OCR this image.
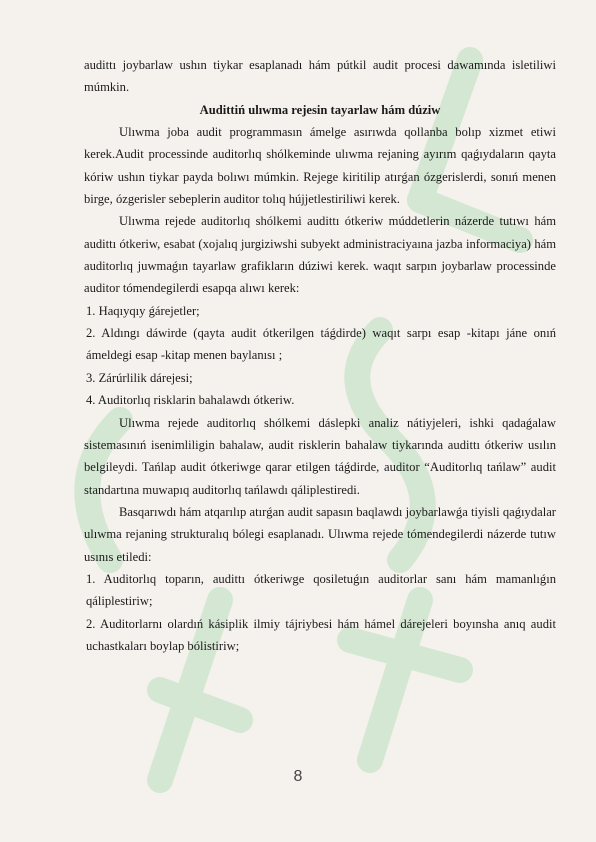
audittı joybarlaw ushın tiykar esaplanadı hám pútkil audit procesi dawamında isletiliwi múmkin.

Audittiń ulıwma rejesin tayarlaw hám dúziw

Ulıwma joba audit programmasın ámelge asırıwda qollanba bolıp xizmet etiwi kerek.Audit processinde auditorlıq shólkeminde ulıwma rejaning ayırım qaǵıydaların qayta kóriw ushın tiykar payda bolıwı múmkin. Rejege kiritilip atırǵan ózgerislerdi, sonıń menen birge, ózgerisler sebeplerin auditor tolıq hújjetlestiriliwi kerek.

Ulıwma rejede auditorlıq shólkemi audittı ótkeriw múddetlerin názerde tutıwı hám audittı ótkeriw, esabat (xojalıq jurgiziwshi subyekt administraciyaına jazba informaciya) hám auditorlıq juwmaǵın tayarlaw grafikların dúziwi kerek. waqıt sarpın joybarlaw processinde auditor tómendegilerdi esapqa alıwı kerek:

1. Haqıyqıy ǵárejetler;

2. Aldıngı dáwirde (qayta audit ótkerilgen táǵdirde) waqıt sarpı esap -kitapı jáne onıń ámeldegi esap -kitap menen baylanısı ;

3. Zárúrlilik dárejesi;

4. Auditorlıq risklarin bahalawdı ótkeriw.

Ulıwma rejede auditorlıq shólkemi dáslepki analiz nátiyjeleri, ishki qadaǵalaw sistemasınıń isenimliligin bahalaw, audit risklerin bahalaw tiykarında audittı ótkeriw usılın belgileydi. Tańlap audit ótkeriwge qarar etilgen táǵdirde, auditor “Auditorlıq tańlaw” audit standartına muwapıq auditorlıq tańlawdı qáliplestiredi.

Basqarıwdı hám atqarılıp atırǵan audit sapasın baqlawdı joybarlawǵa tiyisli qaǵıydalar ulıwma rejaning strukturalıq bólegi esaplanadı. Ulıwma rejede tómendegilerdi názerde tutıw usınıs etiledi:

1. Auditorlıq toparın, audittı ótkeriwge qosiletuǵın auditorlar sanı hám mamanlıǵın qáliplestiriw;

2. Auditorlarnı olardıń kásiplik ilmiy tájriybesi hám hámel dárejeleri boyınsha anıq audit uchastkaları boylap bólistiriw;

8
